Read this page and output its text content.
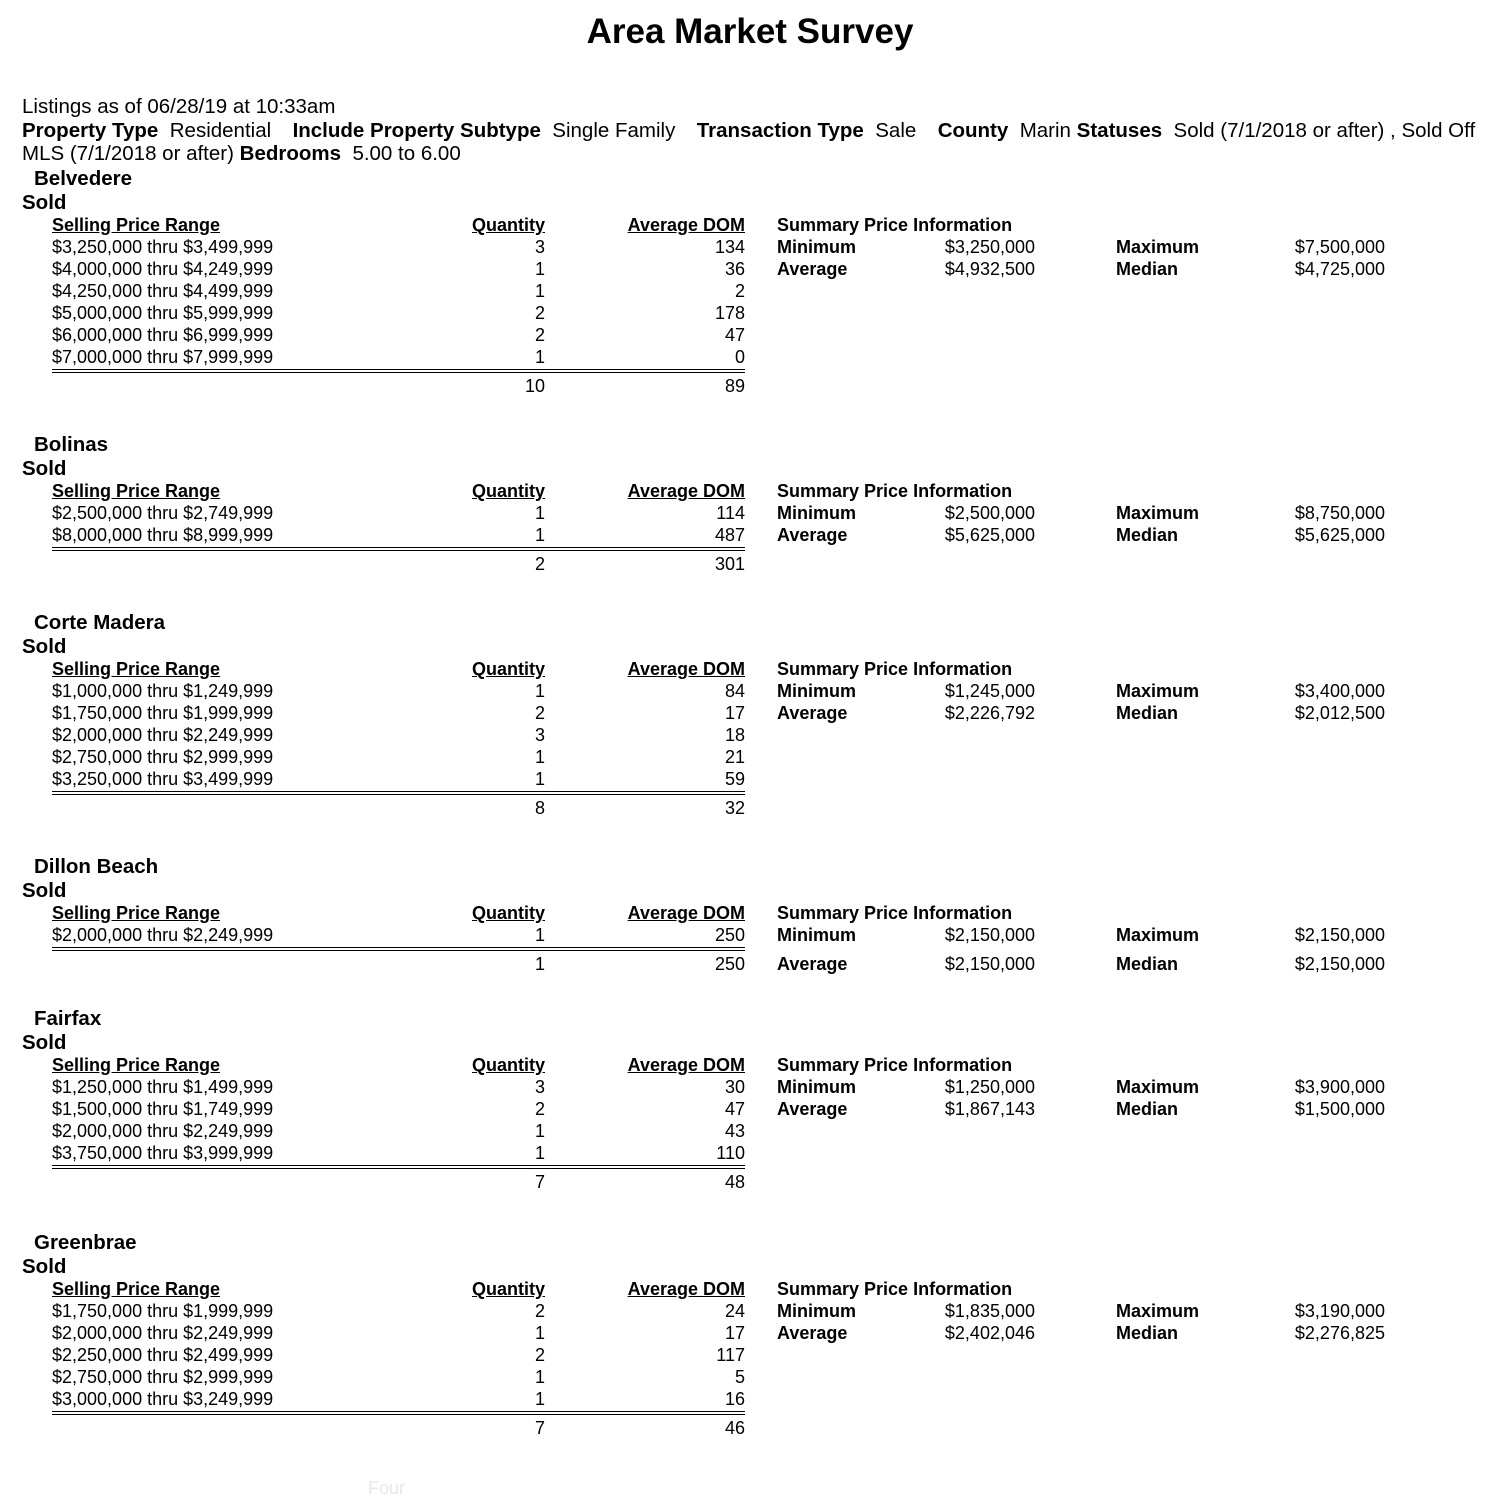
Area Market Survey
Listings as of 06/28/19 at 10:33am
Property Type Residential Include Property Subtype Single Family Transaction Type Sale County Marin Statuses Sold (7/1/2018 or after) , Sold Off MLS (7/1/2018 or after) Bedrooms 5.00 to 6.00
Belvedere
Sold
Selling Price Range	Quantity	Average DOM Summary Price Information
$3,250,000 thru $3,499,999	3	134 Minimum	$3,250,000	Maximum	$7,500,000
$4,000,000 thru $4,249,999	1	36 Average	$4,932,500	Median	$4,725,000
$4,250,000 thru $4,499,999	1	2
$5,000,000 thru $5,999,999	2	178
$6,000,000 thru $6,999,999	2	47
$7,000,000 thru $7,999,999	1	0
10	89
Bolinas
Sold
Selling Price Range	Quantity	Average DOM Summary Price Information
$2,500,000 thru $2,749,999	1	114 Minimum	$2,500,000	Maximum	$8,750,000
$8,000,000 thru $8,999,999	1	487 Average	$5,625,000	Median	$5,625,000
2	301
Corte Madera
Sold
Selling Price Range	Quantity	Average DOM Summary Price Information
$1,000,000 thru $1,249,999	1	84 Minimum	$1,245,000	Maximum	$3,400,000
$1,750,000 thru $1,999,999	2	17 Average	$2,226,792	Median	$2,012,500
$2,000,000 thru $2,249,999	3	18
$2,750,000 thru $2,999,999	1	21
$3,250,000 thru $3,499,999	1	59
8	32
Dillon Beach
Sold
Selling Price Range	Quantity	Average DOM Summary Price Information
$2,000,000 thru $2,249,999	1	250 Minimum	$2,150,000	Maximum	$2,150,000
1	250 Average	$2,150,000	Median	$2,150,000
Fairfax
Sold
Selling Price Range	Quantity	Average DOM Summary Price Information
$1,250,000 thru $1,499,999	3	30 Minimum	$1,250,000	Maximum	$3,900,000
$1,500,000 thru $1,749,999	2	47 Average	$1,867,143	Median	$1,500,000
$2,000,000 thru $2,249,999	1	43
$3,750,000 thru $3,999,999	1	110
7	48
Greenbrae
Sold
Selling Price Range	Quantity	Average DOM Summary Price Information
$1,750,000 thru $1,999,999	2	24 Minimum	$1,835,000	Maximum	$3,190,000
$2,000,000 thru $2,249,999	1	17 Average	$2,402,046	Median	$2,276,825
$2,250,000 thru $2,499,999	2	117
$2,750,000 thru $2,999,999	1	5
$3,000,000 thru $3,249,999	1	16
7	46
Four
